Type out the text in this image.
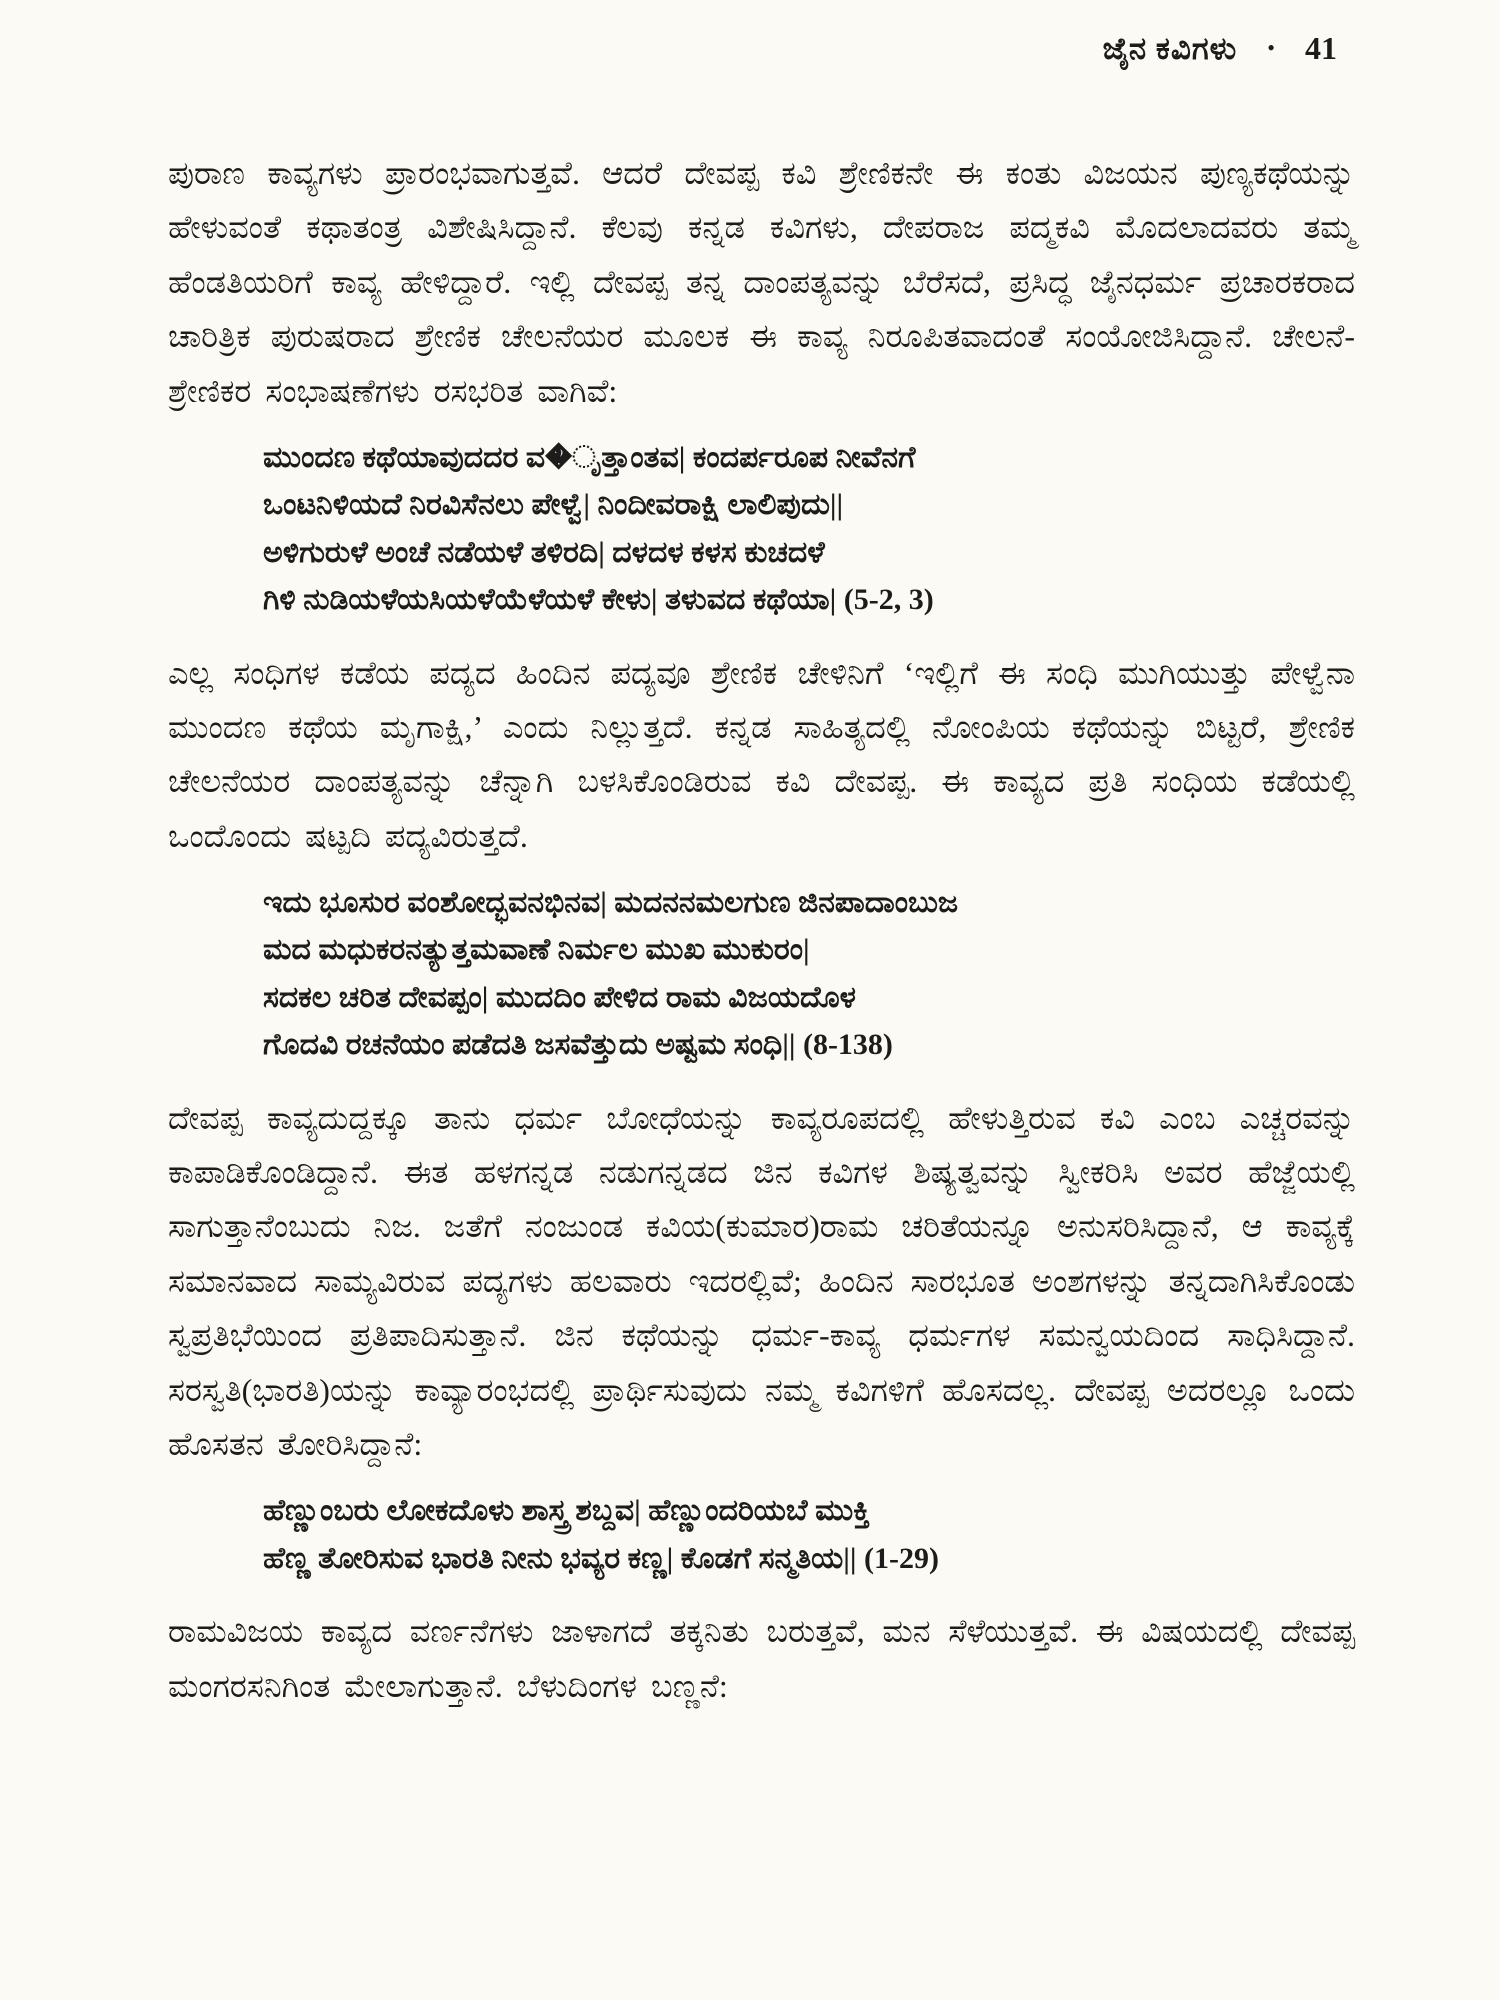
ಜೈನ ಕವಿಗಳು • 41

ಪುರಾಣ ಕಾವ್ಯಗಳು ಪ್ರಾರಂಭವಾಗುತ್ತವೆ. ಆದರೆ ದೇವಪ್ಪ ಕವಿ ಶ್ರೇಣಿಕನೇ ಈ ಕಂತು ವಿಜಯನ ಪುಣ್ಯಕಥೆಯನ್ನು ಹೇಳುವಂತೆ ಕಥಾತಂತ್ರ ವಿಶೇಷಿಸಿದ್ದಾನೆ. ಕೆಲವು ಕನ್ನಡ ಕವಿಗಳು, ದೇಪರಾಜ ಪದ್ಮಕವಿ ಮೊದಲಾದವರು ತಮ್ಮ ಹೆಂಡತಿಯರಿಗೆ ಕಾವ್ಯ ಹೇಳಿದ್ದಾರೆ. ಇಲ್ಲಿ ದೇವಪ್ಪ ತನ್ನ ದಾಂಪತ್ಯವನ್ನು ಬೆರೆಸದೆ, ಪ್ರಸಿದ್ಧ ಜೈನಧರ್ಮ ಪ್ರಚಾರಕರಾದ ಚಾರಿತ್ರಿಕ ಪುರುಷರಾದ ಶ್ರೇಣಿಕ ಚೇಲನೆಯರ ಮೂಲಕ ಈ ಕಾವ್ಯ ನಿರೂಪಿತವಾದಂತೆ ಸಂಯೋಜಿಸಿದ್ದಾನೆ. ಚೇಲನೆ-ಶ್ರೇಣಿಕರ ಸಂಭಾಷಣೆಗಳು ರಸಭರಿತ ವಾಗಿವೆ:

ಮುಂದಣ ಕಥೆಯಾವುದದರ ವ�ೃತ್ತಾಂತವ| ಕಂದರ್ಪರೂಪ ನೀವೆನಗೆ
ಒಂಟನಿಳಿಯದೆ ನಿರವಿಸೆನಲು ಪೇಳ್ವೆ| ನಿಂದೀವರಾಕ್ಷಿ ಲಾಲಿಪುದು||
ಅಳಿಗುರುಳೆ ಅಂಚೆ ನಡೆಯಳೆ ತಳಿರದಿ| ದಳದಳ ಕಳಸ ಕುಚದಳೆ
ಗಿಳಿ ನುಡಿಯಳೆಯಸಿಯಳೆಯೆಳೆಯಳೆ ಕೇಳು| ತಳುವದ ಕಥೆಯಾ| (5-2, 3)

ಎಲ್ಲ ಸಂಧಿಗಳ ಕಡೆಯ ಪದ್ಯದ ಹಿಂದಿನ ಪದ್ಯವೂ ಶ್ರೇಣಿಕ ಚೇಳಿನಿಗೆ ‘ಇಲ್ಲಿಗೆ ಈ ಸಂಧಿ ಮುಗಿಯುತ್ತು ಪೇಳ್ವೆನಾ ಮುಂದಣ ಕಥೆಯ ಮೃಗಾಕ್ಷಿ,’ ಎಂದು ನಿಲ್ಲುತ್ತದೆ. ಕನ್ನಡ ಸಾಹಿತ್ಯದಲ್ಲಿ ನೋಂಪಿಯ ಕಥೆಯನ್ನು ಬಿಟ್ಟರೆ, ಶ್ರೇಣಿಕ ಚೇಲನೆಯರ ದಾಂಪತ್ಯವನ್ನು ಚೆನ್ನಾಗಿ ಬಳಸಿಕೊಂಡಿರುವ ಕವಿ ದೇವಪ್ಪ. ಈ ಕಾವ್ಯದ ಪ್ರತಿ ಸಂಧಿಯ ಕಡೆಯಲ್ಲಿ ಒಂದೊಂದು ಷಟ್ಪದಿ ಪದ್ಯವಿರುತ್ತದೆ.

ಇದು ಭೂಸುರ ವಂಶೋದ್ಭವನಭಿನವ| ಮದನನಮಲಗುಣ ಜಿನಪಾದಾಂಬುಜ
ಮದ ಮಧುಕರನತ್ಯುತ್ತಮವಾಣೆ ನಿರ್ಮಲ ಮುಖ ಮುಕುರಂ|
ಸದಕಲ ಚರಿತ ದೇವಪ್ಪಂ| ಮುದದಿಂ ಪೇಳಿದ ರಾಮ ವಿಜಯದೊಳ
ಗೊದವಿ ರಚನೆಯಂ ಪಡೆದತಿ ಜಸವೆತ್ತುದು ಅಷ್ಟಮ ಸಂಧಿ|| (8-138)

ದೇವಪ್ಪ ಕಾವ್ಯದುದ್ದಕ್ಕೂ ತಾನು ಧರ್ಮ ಬೋಧೆಯನ್ನು ಕಾವ್ಯರೂಪದಲ್ಲಿ ಹೇಳುತ್ತಿರುವ ಕವಿ ಎಂಬ ಎಚ್ಚರವನ್ನು ಕಾಪಾಡಿಕೊಂಡಿದ್ದಾನೆ. ಈತ ಹಳಗನ್ನಡ ನಡುಗನ್ನಡದ ಜಿನ ಕವಿಗಳ ಶಿಷ್ಯತ್ವವನ್ನು ಸ್ವೀಕರಿಸಿ ಅವರ ಹೆಜ್ಜೆಯಲ್ಲಿ ಸಾಗುತ್ತಾನೆಂಬುದು ನಿಜ. ಜತೆಗೆ ನಂಜುಂಡ ಕವಿಯ(ಕುಮಾರ)ರಾಮ ಚರಿತೆಯನ್ನೂ ಅನುಸರಿಸಿದ್ದಾನೆ, ಆ ಕಾವ್ಯಕ್ಕೆ ಸಮಾನವಾದ ಸಾಮ್ಯವಿರುವ ಪದ್ಯಗಳು ಹಲವಾರು ಇದರಲ್ಲಿವೆ; ಹಿಂದಿನ ಸಾರಭೂತ ಅಂಶಗಳನ್ನು ತನ್ನದಾಗಿಸಿಕೊಂಡು ಸ್ವಪ್ರತಿಭೆಯಿಂದ ಪ್ರತಿಪಾದಿಸುತ್ತಾನೆ. ಜಿನ ಕಥೆಯನ್ನು ಧರ್ಮ-ಕಾವ್ಯ ಧರ್ಮಗಳ ಸಮನ್ವಯದಿಂದ ಸಾಧಿಸಿದ್ದಾನೆ. ಸರಸ್ವತಿ(ಭಾರತಿ)ಯನ್ನು ಕಾವ್ಯಾರಂಭದಲ್ಲಿ ಪ್ರಾರ್ಥಿಸುವುದು ನಮ್ಮ ಕವಿಗಳಿಗೆ ಹೊಸದಲ್ಲ. ದೇವಪ್ಪ ಅದರಲ್ಲೂ ಒಂದು ಹೊಸತನ ತೋರಿಸಿದ್ದಾನೆ:

ಹೆಣ್ಣುಂಬರು ಲೋಕದೊಳು ಶಾಸ್ತ್ರ ಶಬ್ದವ| ಹೆಣ್ಣುಂದರಿಯಬೆ ಮುಕ್ತಿ
ಹೆಣ್ಣ ತೋರಿಸುವ ಭಾರತಿ ನೀನು ಭವ್ಯರ ಕಣ್ಣ| ಕೊಡಗೆ ಸನ್ಮತಿಯ|| (1-29)

ರಾಮವಿಜಯ ಕಾವ್ಯದ ವರ್ಣನೆಗಳು ಜಾಳಾಗದೆ ತಕ್ಕನಿತು ಬರುತ್ತವೆ, ಮನ ಸೆಳೆಯುತ್ತವೆ. ಈ ವಿಷಯದಲ್ಲಿ ದೇವಪ್ಪ ಮಂಗರಸನಿಗಿಂತ ಮೇಲಾಗುತ್ತಾನೆ. ಬೆಳುದಿಂಗಳ ಬಣ್ಣನೆ:
